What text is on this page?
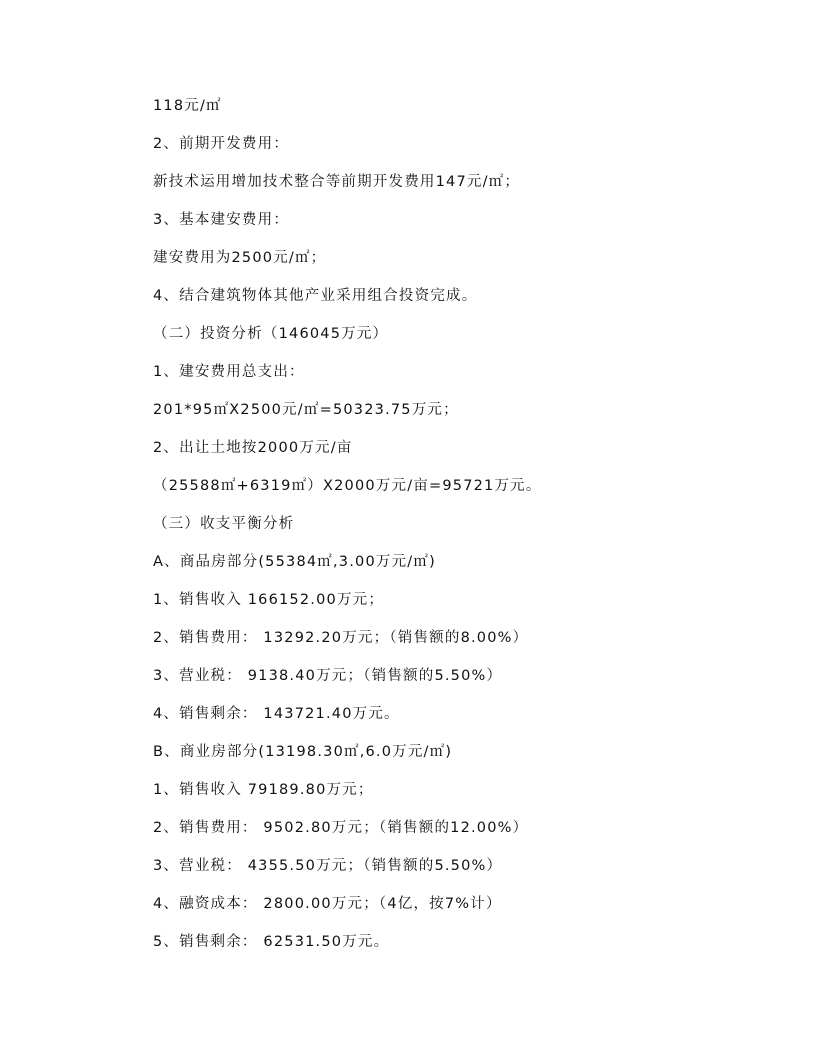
118元/㎡
2、前期开发费用：
新技术运用增加技术整合等前期开发费用147元/㎡；
3、基本建安费用：
建安费用为2500元/㎡；
4、结合建筑物体其他产业采用组合投资完成。
（二）投资分析（146045万元）
1、建安费用总支出：
201*95㎡X2500元/㎡=50323.75万元；
2、出让土地按2000万元/亩
（25588㎡+6319㎡）X2000万元/亩=95721万元。
（三）收支平衡分析
A、商品房部分(55384㎡,3.00万元/㎡)
1、销售收入 166152.00万元；
2、销售费用： 13292.20万元；（销售额的8.00%）
3、营业税： 9138.40万元；（销售额的5.50%）
4、销售剩余： 143721.40万元。
B、商业房部分(13198.30㎡,6.0万元/㎡)
1、销售收入 79189.80万元；
2、销售费用： 9502.80万元；（销售额的12.00%）
3、营业税： 4355.50万元；（销售额的5.50%）
4、融资成本： 2800.00万元；（4亿，按7%计）
5、销售剩余： 62531.50万元。
